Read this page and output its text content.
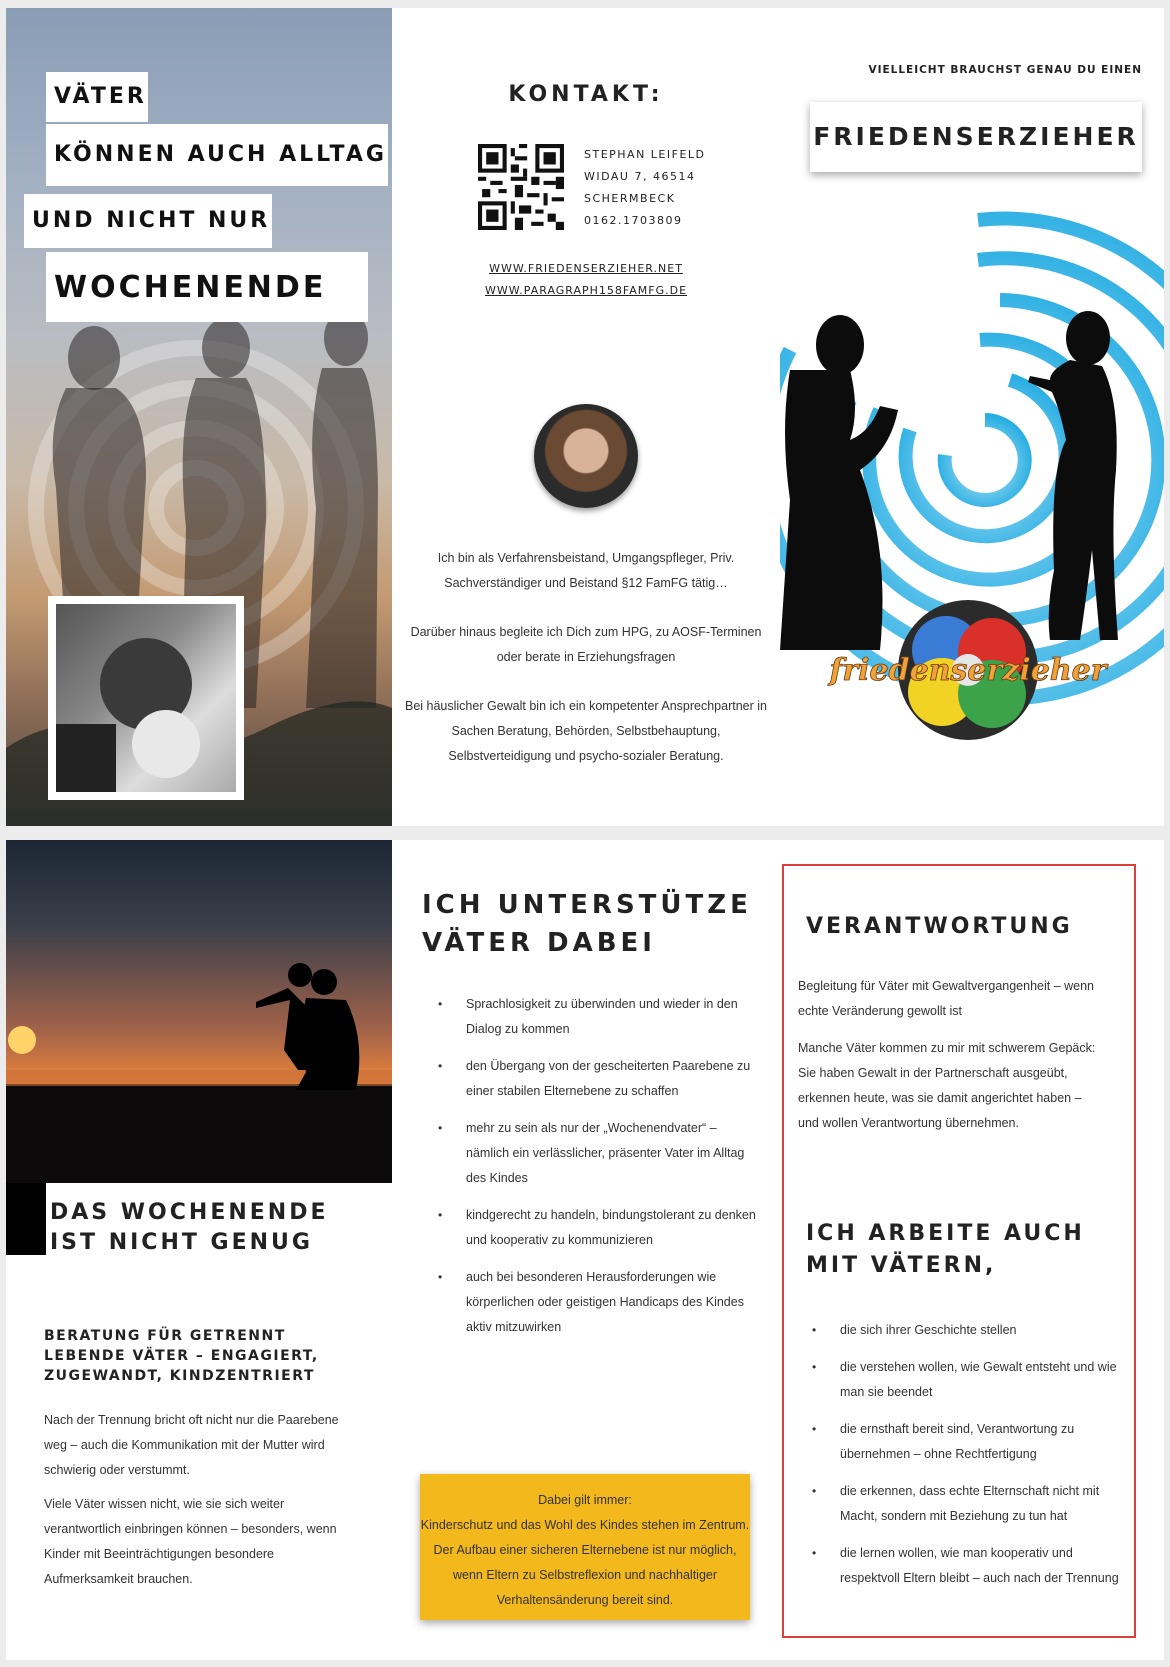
VÄTER
KÖNNEN AUCH ALLTAG
UND NICHT NUR
WOCHENENDE
KONTAKT:
STEPHAN LEIFELD
WIDAU 7, 46514
SCHERMBECK
0162.1703809
WWW.FRIEDENSERZIEHER.NET
WWW.PARAGRAPH158FAMFG.DE

Ich bin als Verfahrensbeistand, Umgangspfleger, Priv. Sachverständiger und Beistand §12 FamFG tätig…

Darüber hinaus begleite ich Dich zum HPG, zu AOSF-Terminen oder berate in Erziehungsfragen

Bei häuslicher Gewalt bin ich ein kompetenter Ansprechpartner in Sachen Beratung, Behörden, Selbstbehauptung, Selbstverteidigung und psycho-sozialer Beratung.

VIELLEICHT BRAUCHST GENAU DU EINEN
FRIEDENSERZIEHER
friedenserzieher
DAS WOCHENENDE
IST NICHT GENUG
BERATUNG FÜR GETRENNT LEBENDE VÄTER – ENGAGIERT, ZUGEWANDT, KINDZENTRIERT

Nach der Trennung bricht oft nicht nur die Paarebene weg – auch die Kommunikation mit der Mutter wird schwierig oder verstummt.

Viele Väter wissen nicht, wie sie sich weiter verantwortlich einbringen können – besonders, wenn Kinder mit Beeinträchtigungen besondere Aufmerksamkeit brauchen.

ICH UNTERSTÜTZE
VÄTER DABEI
• Sprachlosigkeit zu überwinden und wieder in den Dialog zu kommen
• den Übergang von der gescheiterten Paarebene zu einer stabilen Elternebene zu schaffen
• mehr zu sein als nur der „Wochenendvater“ – nämlich ein verlässlicher, präsenter Vater im Alltag des Kindes
• kindgerecht zu handeln, bindungstolerant zu denken und kooperativ zu kommunizieren
• auch bei besonderen Herausforderungen wie körperlichen oder geistigen Handicaps des Kindes aktiv mitzuwirken
Dabei gilt immer:
Kinderschutz und das Wohl des Kindes stehen im Zentrum. Der Aufbau einer sicheren Elternebene ist nur möglich, wenn Eltern zu Selbstreflexion und nachhaltiger Verhaltensänderung bereit sind.
VERANTWORTUNG

Begleitung für Väter mit Gewaltvergangenheit – wenn echte Veränderung gewollt ist

Manche Väter kommen zu mir mit schwerem Gepäck: Sie haben Gewalt in der Partnerschaft ausgeübt, erkennen heute, was sie damit angerichtet haben – und wollen Verantwortung übernehmen.

ICH ARBEITE AUCH
MIT VÄTERN,
• die sich ihrer Geschichte stellen
• die verstehen wollen, wie Gewalt entsteht und wie man sie beendet
• die ernsthaft bereit sind, Verantwortung zu übernehmen – ohne Rechtfertigung
• die erkennen, dass echte Elternschaft nicht mit Macht, sondern mit Beziehung zu tun hat
• die lernen wollen, wie man kooperativ und respektvoll Eltern bleibt – auch nach der Trennung
